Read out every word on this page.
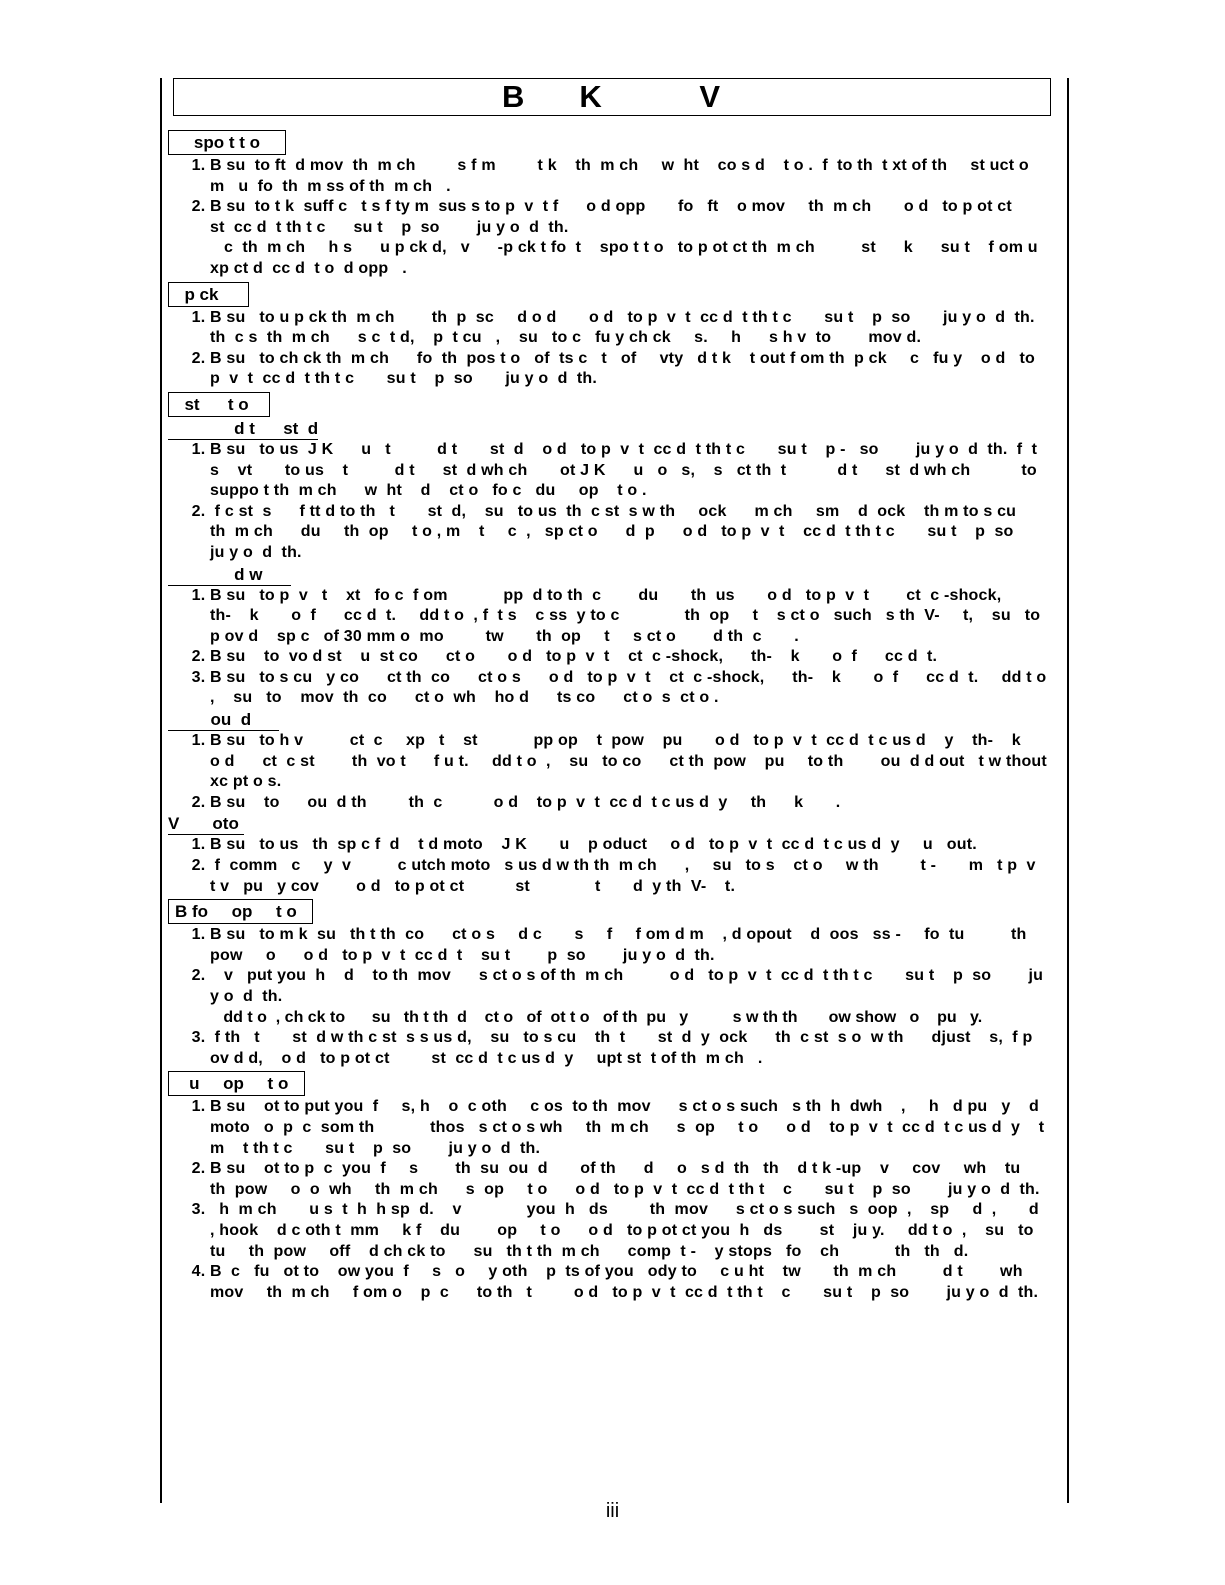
B     K         V
spo t t o
1. B su  to ft  d mov  th  m ch         s f m         t k    th  m ch     w  ht    co s d    t o .  f  to th  t xt of th     st uct o  m   u  fo  th  m ss of th  m ch   .
2. B su  to t k  suff c   t s f ty m  sus s to p  v  t f      o d opp       fo   ft    o mov     th  m ch       o d   to p ot ct      st  cc d  t th t c      su t    p  so        ju y o  d  th.
c  th  m ch     h s      u p ck d,   v      -p ck t fo  t    spo t t o   to p ot ct th  m ch          st      k      su t    f om u   xp ct d  cc d  t o  d opp   .
p ck
1. B su   to u p ck th  m ch        th  p  sc     d o d       o d   to p  v  t  cc d  t th t c       su t    p  so       ju y o  d  th.   th  c s  th  m ch      s c  t d,    p  t cu   ,    su   to c   fu y ch ck     s.     h      s h v  to        mov d.
2. B su   to ch ck th  m ch      fo  th  pos t o   of  ts c   t   of     vty   d t k    t out f om th  p ck     c   fu y    o d   to p  v  t  cc d  t th t c       su t    p  so       ju y o  d  th.
st      t o
d t      st  d
1. B su   to us  J K      u   t          d t       st  d    o d   to p  v  t  cc d  t th t c       su t    p -   so        ju y o  d  th.  f  t s    vt       to us    t          d t      st  d wh ch       ot J K      u   o   s,    s   ct th  t           d t      st  d wh ch           to suppo t th  m ch      w  ht    d    ct o   fo c   du     op    t o .
2.  f c st  s      f tt d to th   t       st  d,    su   to us  th  c st  s w th     ock      m ch     sm    d  ock    th m to s cu    th  m ch      du     th  op     t o , m    t     c  ,   sp ct o      d  p      o d   to p  v  t    cc d  t th t c       su t    p  so       ju y o  d  th.
d w
1. B su   to p  v   t    xt   fo c  f om            pp  d to th  c        du       th  us       o d   to p  v  t        ct  c -shock,      th-    k       o  f      cc d  t.     dd t o  , f  t s    c ss  y to c              th  op     t    s ct o   such   s th  V-     t,    su   to p ov d    sp c   of 30 mm o  mo         tw       th  op     t     s ct o        d th  c       .
2. B su    to  vo d st    u  st co      ct o       o d   to p  v  t    ct  c -shock,      th-    k       o  f      cc d  t.
3. B su   to s cu   y co      ct th  co      ct o s      o d   to p  v  t    ct  c -shock,      th-    k       o  f      cc d  t.     dd t o  ,    su   to    mov  th  co      ct o  wh    ho d      ts co      ct o  s  ct o .
ou  d
1. B su   to h v          ct  c     xp   t    st            pp op    t  pow    pu       o d   to p  v  t  cc d  t c us d    y    th-    k       o d      ct  c st        th  vo t      f u t.     dd t o  ,    su   to co      ct th  pow    pu     to th        ou  d d out   t w thout   xc pt o s.
2. B su    to      ou  d th         th  c           o d    to p  v  t  cc d  t c us d  y     th      k       .
V       oto
1. B su   to us   th  sp c f  d    t d moto    J K       u    p oduct     o d   to p  v  t  cc d  t c us d  y     u   out.
2.  f  comm   c     y  v          c utch moto   s us d w th th  m ch      ,     su   to s    ct o     w th         t -       m   t p  v  t v   pu   y cov        o d   to p ot ct           st              t       d  y th  V-    t.
B fo     op     t o
1. B su   to m k  su   th t th  co      ct o s     d c       s     f     f om d m    , d opout    d  oos   ss -     fo  tu          th  pow     o      o d   to p  v  t  cc d  t    su t        p  so        ju y o  d  th.
2.    v   put you  h    d    to th  mov      s ct o s of th  m ch          o d   to p  v  t  cc d  t th t c       su t    p  so        ju y o  d  th.

dd t o  , ch ck to      su   th t th  d    ct o   of  ot t o   of th  pu   y          s w th th       ow show   o    pu   y.

3.  f th   t       st  d w th c st  s s us d,    su   to s cu    th  t       st  d  y  ock      th  c st  s o  w th      djust    s,  f p ov d d,    o d   to p ot ct         st  cc d  t c us d  y     upt st  t of th  m ch   .
u     op     t o
1. B su    ot to put you  f     s, h    o  c oth     c os  to th  mov      s ct o s such   s th  h  dwh    ,     h   d pu   y    d moto   o  p  c  som th            thos   s ct o s wh     th  m ch      s  op     t o      o d    to p  v  t  cc d  t c us d  y    t        m    t th t c       su t    p  so        ju y o  d  th.
2. B su    ot to p  c  you  f     s        th  su  ou  d       of th      d     o   s d  th   th    d t k -up    v     cov     wh    tu          th  pow     o  o  wh     th  m ch      s  op     t o      o d   to p  v  t  cc d  t th t    c       su t    p  so        ju y o  d  th.
3.   h  m ch       u s  t  h  h sp  d.    v              you  h   ds         th  mov      s ct o s such   s  oop  ,    sp     d  ,       d      , hook    d c oth t  mm     k f    du        op     t o      o d   to p ot ct you  h   ds        st    ju y.     dd t o  ,    su   to tu     th  pow     off    d ch ck to      su   th t th  m ch      comp  t -    y stops   fo    ch            th   th   d.
4. B  c   fu   ot to    ow you  f     s   o     y oth    p  ts of you   ody to     c u ht    tw       th  m ch          d t        wh          mov     th  m ch     f om o    p  c      to th   t         o d   to p  v  t  cc d  t th t    c       su t    p  so        ju y o  d  th.
iii
